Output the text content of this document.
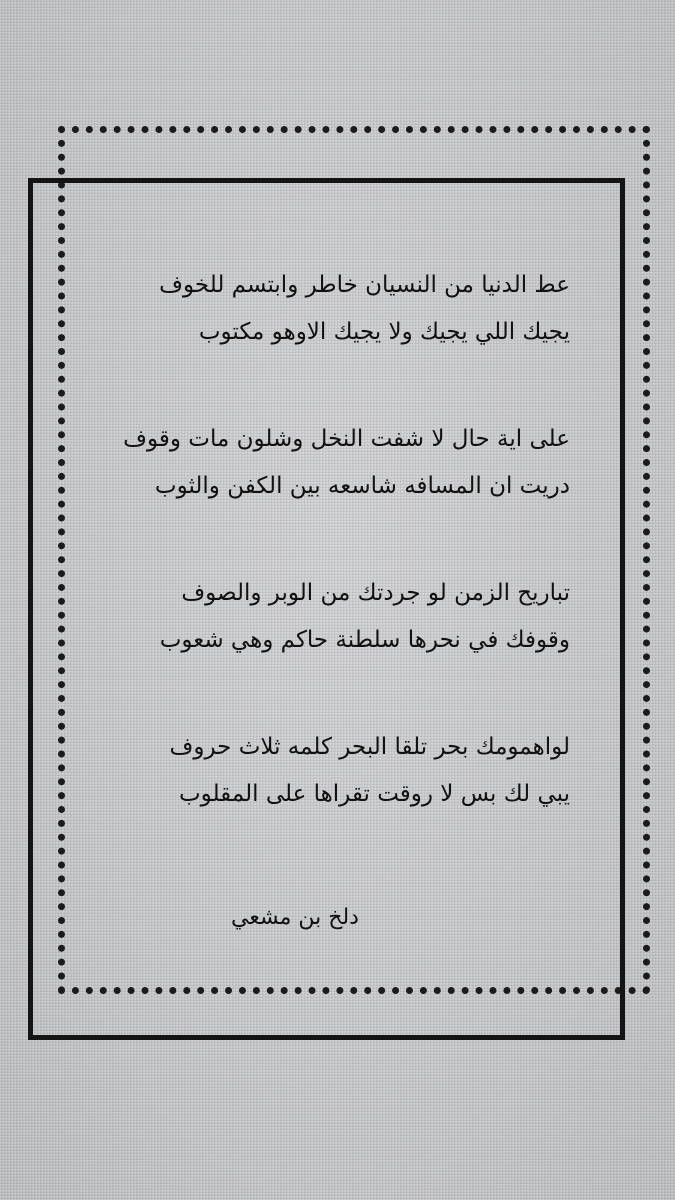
عط الدنيا من النسيان خاطر وابتسم للخوف
يجيك اللي يجيك ولا يجيك الاوهو مكتوب
على اية حال لا شفت النخل وشلون مات وقوف
دريت ان المسافه شاسعه بين الكفن والثوب
تباريح الزمن لو جردتك من الوبر والصوف
وقوفك في نحرها سلطنة حاكم وهي شعوب
لواهمومك بحر تلقا البحر كلمه ثلاث حروف
يبي لك بس لا روقت تقراها على المقلوب
دلخ بن مشعي
